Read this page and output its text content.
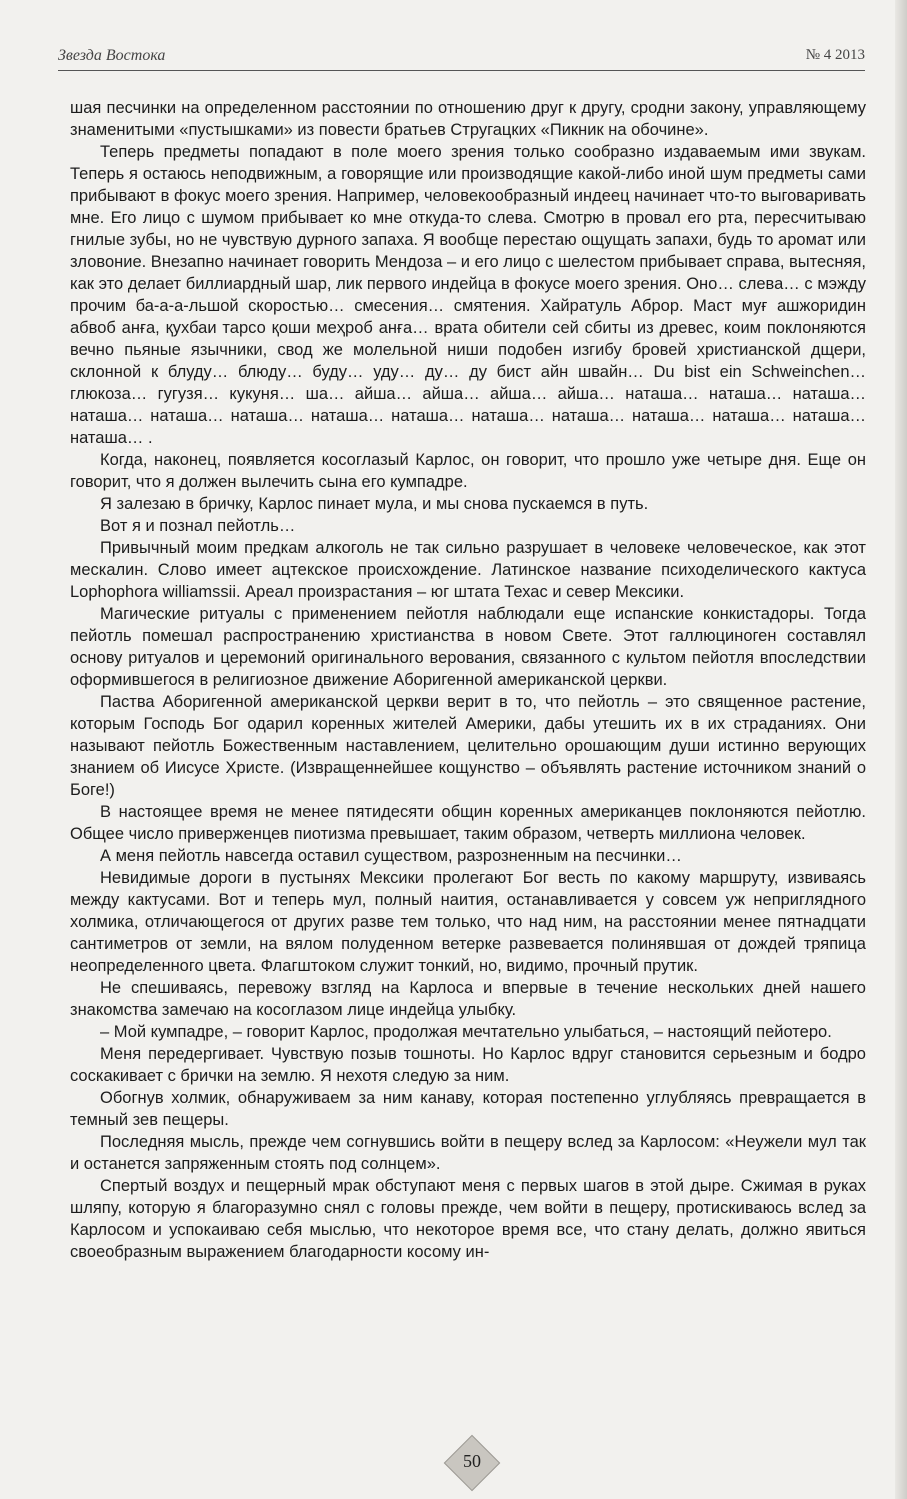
Звезда Востока	№ 4 2013

шая песчинки на определенном расстоянии по отношению друг к другу, сродни закону, управляющему знаменитыми «пустышками» из повести братьев Стругацких «Пикник на обочине».

Теперь предметы попадают в поле моего зрения только сообразно издаваемым ими звукам. Теперь я остаюсь неподвижным, а говорящие или производящие какой-либо иной шум предметы сами прибывают в фокус моего зрения. Например, человекообразный индеец начинает что-то выговаривать мне. Его лицо с шумом прибывает ко мне откуда-то слева. Смотрю в провал его рта, пересчитываю гнилые зубы, но не чувствую дурного запаха. Я вообще перестаю ощущать запахи, будь то аромат или зловоние. Внезапно начинает говорить Мендоза – и его лицо с шелестом прибывает справа, вытесняя, как это делает биллиардный шар, лик первого индейца в фокусе моего зрения. Оно… слева… с мэжду прочим ба-а-а-льшой скоростью… смесения… смятения. Хайратуль Аброр. Маст муғ ашжоридин абвоб анға, қухбаи тарсо қоши меҳроб анға… врата обители сей сбиты из древес, коим поклоняются вечно пьяные язычники, свод же молельной ниши подобен изгибу бровей христианской дщери, склонной к блуду… блюду… буду… уду… ду… ду бист айн швайн… Du bist ein Schweinchen… глюкоза… гугузя… кукуня… ша… айша… айша… айша… айша… наташа… наташа… наташа… наташа… наташа… наташа… наташа… наташа… наташа… наташа… наташа… наташа… наташа… наташа… .

Когда, наконец, появляется косоглазый Карлос, он говорит, что прошло уже четыре дня. Еще он говорит, что я должен вылечить сына его кумпадре.

Я залезаю в бричку, Карлос пинает мула, и мы снова пускаемся в путь.

Вот я и познал пейотль…

Привычный моим предкам алкоголь не так сильно разрушает в человеке человеческое, как этот мескалин. Слово имеет ацтекское происхождение. Латинское название психоделического кактуса Lophophora williamssii. Ареал произрастания – юг штата Техас и север Мексики.

Магические ритуалы с применением пейотля наблюдали еще испанские конкистадоры. Тогда пейотль помешал распространению христианства в новом Свете. Этот галлюциноген составлял основу ритуалов и церемоний оригинального верования, связанного с культом пейотля впоследствии оформившегося в религиозное движение Аборигенной американской церкви.

Паства Аборигенной американской церкви верит в то, что пейотль – это священное растение, которым Господь Бог одарил коренных жителей Америки, дабы утешить их в их страданиях. Они называют пейотль Божественным наставлением, целительно орошающим души истинно верующих знанием об Иисусе Христе. (Извращеннейшее кощунство – объявлять растение источником знаний о Боге!)

В настоящее время не менее пятидесяти общин коренных американцев поклоняются пейотлю. Общее число приверженцев пиотизма превышает, таким образом, четверть миллиона человек.

А меня пейотль навсегда оставил существом, разрозненным на песчинки…

Невидимые дороги в пустынях Мексики пролегают Бог весть по какому маршруту, извиваясь между кактусами. Вот и теперь мул, полный наития, останавливается у совсем уж неприглядного холмика, отличающегося от других разве тем только, что над ним, на расстоянии менее пятнадцати сантиметров от земли, на вялом полуденном ветерке развевается полинявшая от дождей тряпица неопределенного цвета. Флагштоком служит тонкий, но, видимо, прочный прутик.

Не спешиваясь, перевожу взгляд на Карлоса и впервые в течение нескольких дней нашего знакомства замечаю на косоглазом лице индейца улыбку.

– Мой кумпадре, – говорит Карлос, продолжая мечтательно улыбаться, – настоящий пейотеро.

Меня передергивает. Чувствую позыв тошноты. Но Карлос вдруг становится серьезным и бодро соскакивает с брички на землю. Я нехотя следую за ним.

Обогнув холмик, обнаруживаем за ним канаву, которая постепенно углубляясь превращается в темный зев пещеры.

Последняя мысль, прежде чем согнувшись войти в пещеру вслед за Карлосом: «Неужели мул так и останется запряженным стоять под солнцем».

Спертый воздух и пещерный мрак обступают меня с первых шагов в этой дыре. Сжимая в руках шляпу, которую я благоразумно снял с головы прежде, чем войти в пещеру, протискиваюсь вслед за Карлосом и успокаиваю себя мыслью, что некоторое время все, что стану делать, должно явиться своеобразным выражением благодарности косому ин-

50
